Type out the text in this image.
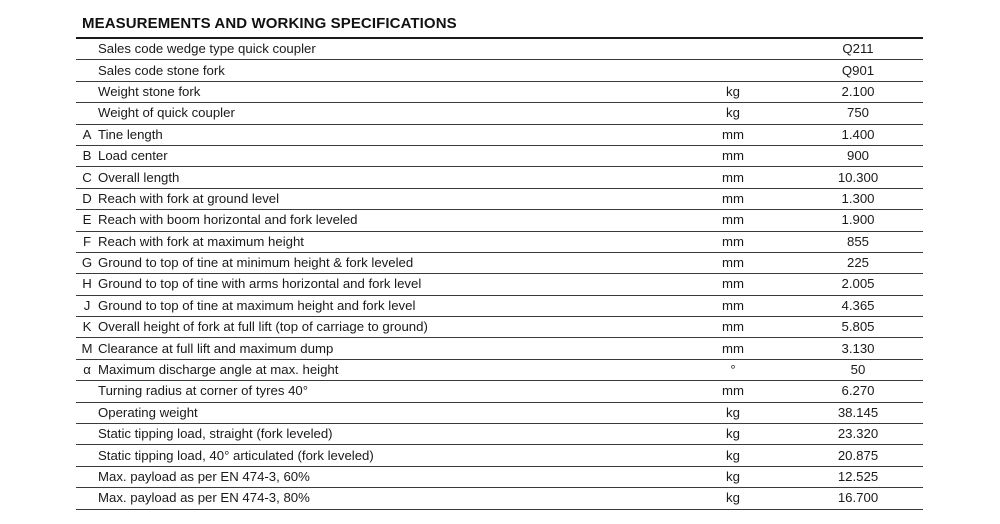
MEASUREMENTS AND WORKING SPECIFICATIONS
	Sales code wedge type quick coupler		Q211
	Sales code stone fork		Q901
	Weight stone fork	kg	2.100
	Weight of quick coupler	kg	750
A	Tine length	mm	1.400
B	Load center	mm	900
C	Overall length	mm	10.300
D	Reach with fork at ground level	mm	1.300
E	Reach with boom horizontal and fork leveled	mm	1.900
F	Reach with fork at maximum height	mm	855
G	Ground to top of tine at minimum height & fork leveled	mm	225
H	Ground to top of tine with arms horizontal and fork level	mm	2.005
J	Ground to top of tine at maximum height and fork level	mm	4.365
K	Overall height of fork at full lift (top of carriage to ground)	mm	5.805
M	Clearance at full lift and maximum dump	mm	3.130
α	Maximum discharge angle at max. height	°	50
	Turning radius at corner of tyres 40°	mm	6.270
	Operating weight	kg	38.145
	Static tipping load, straight (fork leveled)	kg	23.320
	Static tipping load, 40° articulated (fork leveled)	kg	20.875
	Max. payload as per EN 474-3, 60%	kg	12.525
	Max. payload as per EN 474-3, 80%	kg	16.700
